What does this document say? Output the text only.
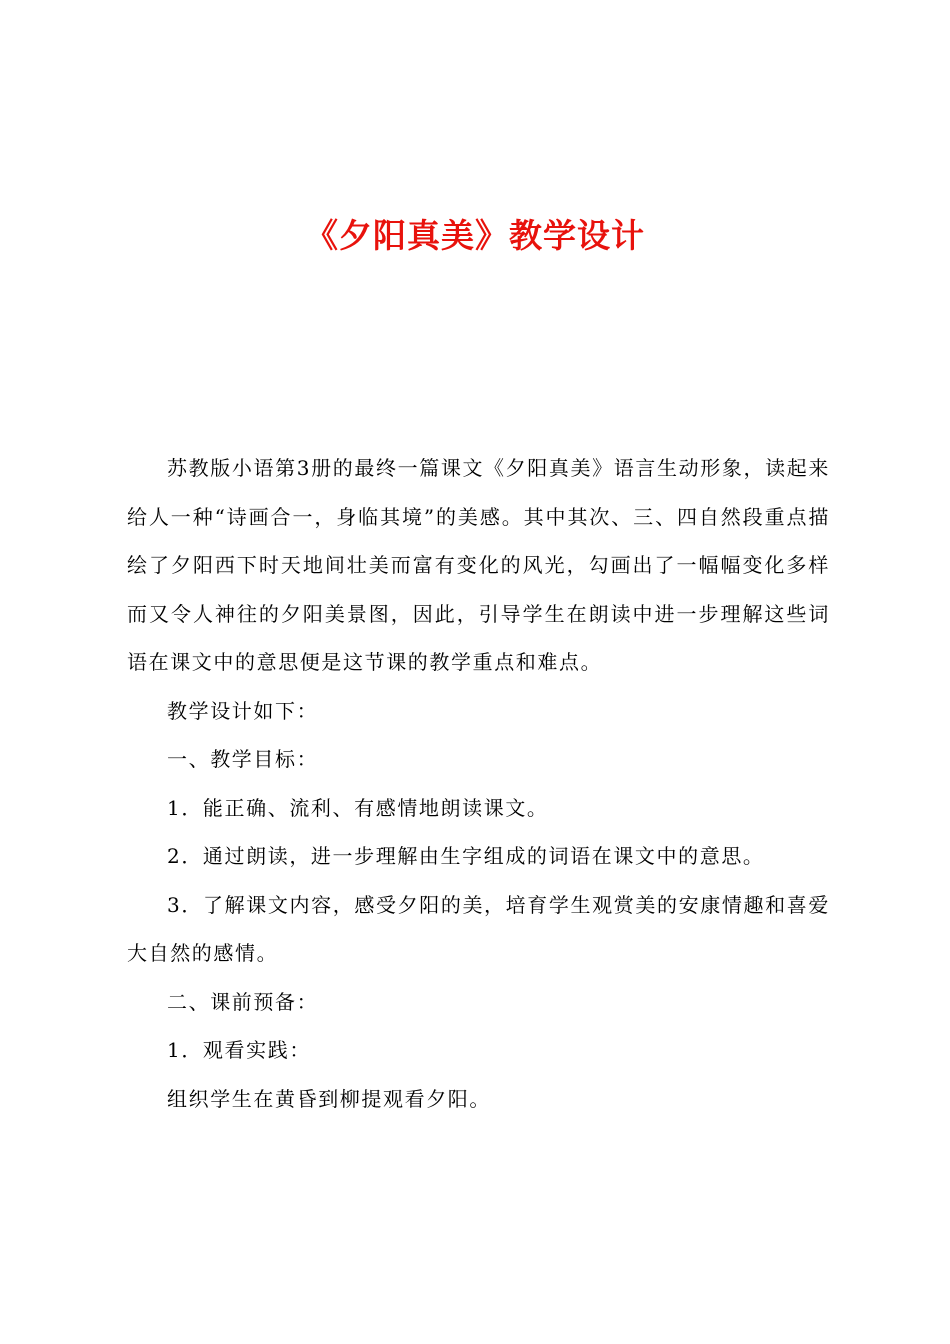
《夕阳真美》教学设计

苏教版小语第3册的最终一篇课文《夕阳真美》语言生动形象，读起来给人一种“诗画合一，身临其境”的美感。其中其次、三、四自然段重点描绘了夕阳西下时天地间壮美而富有变化的风光，勾画出了一幅幅变化多样而又令人神往的夕阳美景图，因此，引导学生在朗读中进一步理解这些词语在课文中的意思便是这节课的教学重点和难点。

教学设计如下：

一、教学目标：

1．能正确、流利、有感情地朗读课文。

2．通过朗读，进一步理解由生字组成的词语在课文中的意思。

3．了解课文内容，感受夕阳的美，培育学生观赏美的安康情趣和喜爱大自然的感情。

二、课前预备：

1．观看实践：

组织学生在黄昏到柳提观看夕阳。
